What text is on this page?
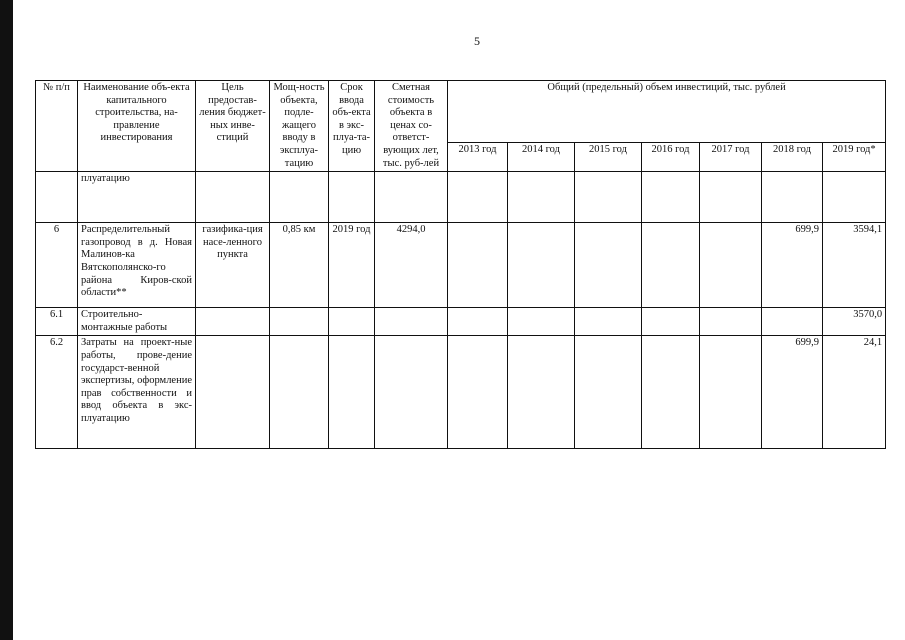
5
№ п/п	Наименование объ-екта капитального строительства, на-правление инвестирования	Цель предостав-ления бюджет-ных инве-стиций	Мощ-ность объекта, подле-жащего вводу в эксплуа-тацию	Срок ввода объ-екта в экс-плуа-та-цию	Сметная стоимость объекта в ценах со-ответст-вующих лет, тыс. руб-лей	Общий (предельный) объем инвестиций, тыс. рублей						
						2013 год	2014 год	2015 год	2016 год	2017 год	2018 год	2019 год*
	плуатацию											
6	Распределительный газопровод в д. Новая Малинов-ка Вятскополянско-го района Киров-ской области**	газифика-ция насе-ленного пункта	0,85 км	2019 год	4294,0						699,9	3594,1
6.1	Строительно-монтажные работы											3570,0
6.2	Затраты на проект-ные работы, прове-дение государст-венной экспертизы, оформление прав собственности и ввод объекта в экс-плуатацию										699,9	24,1
